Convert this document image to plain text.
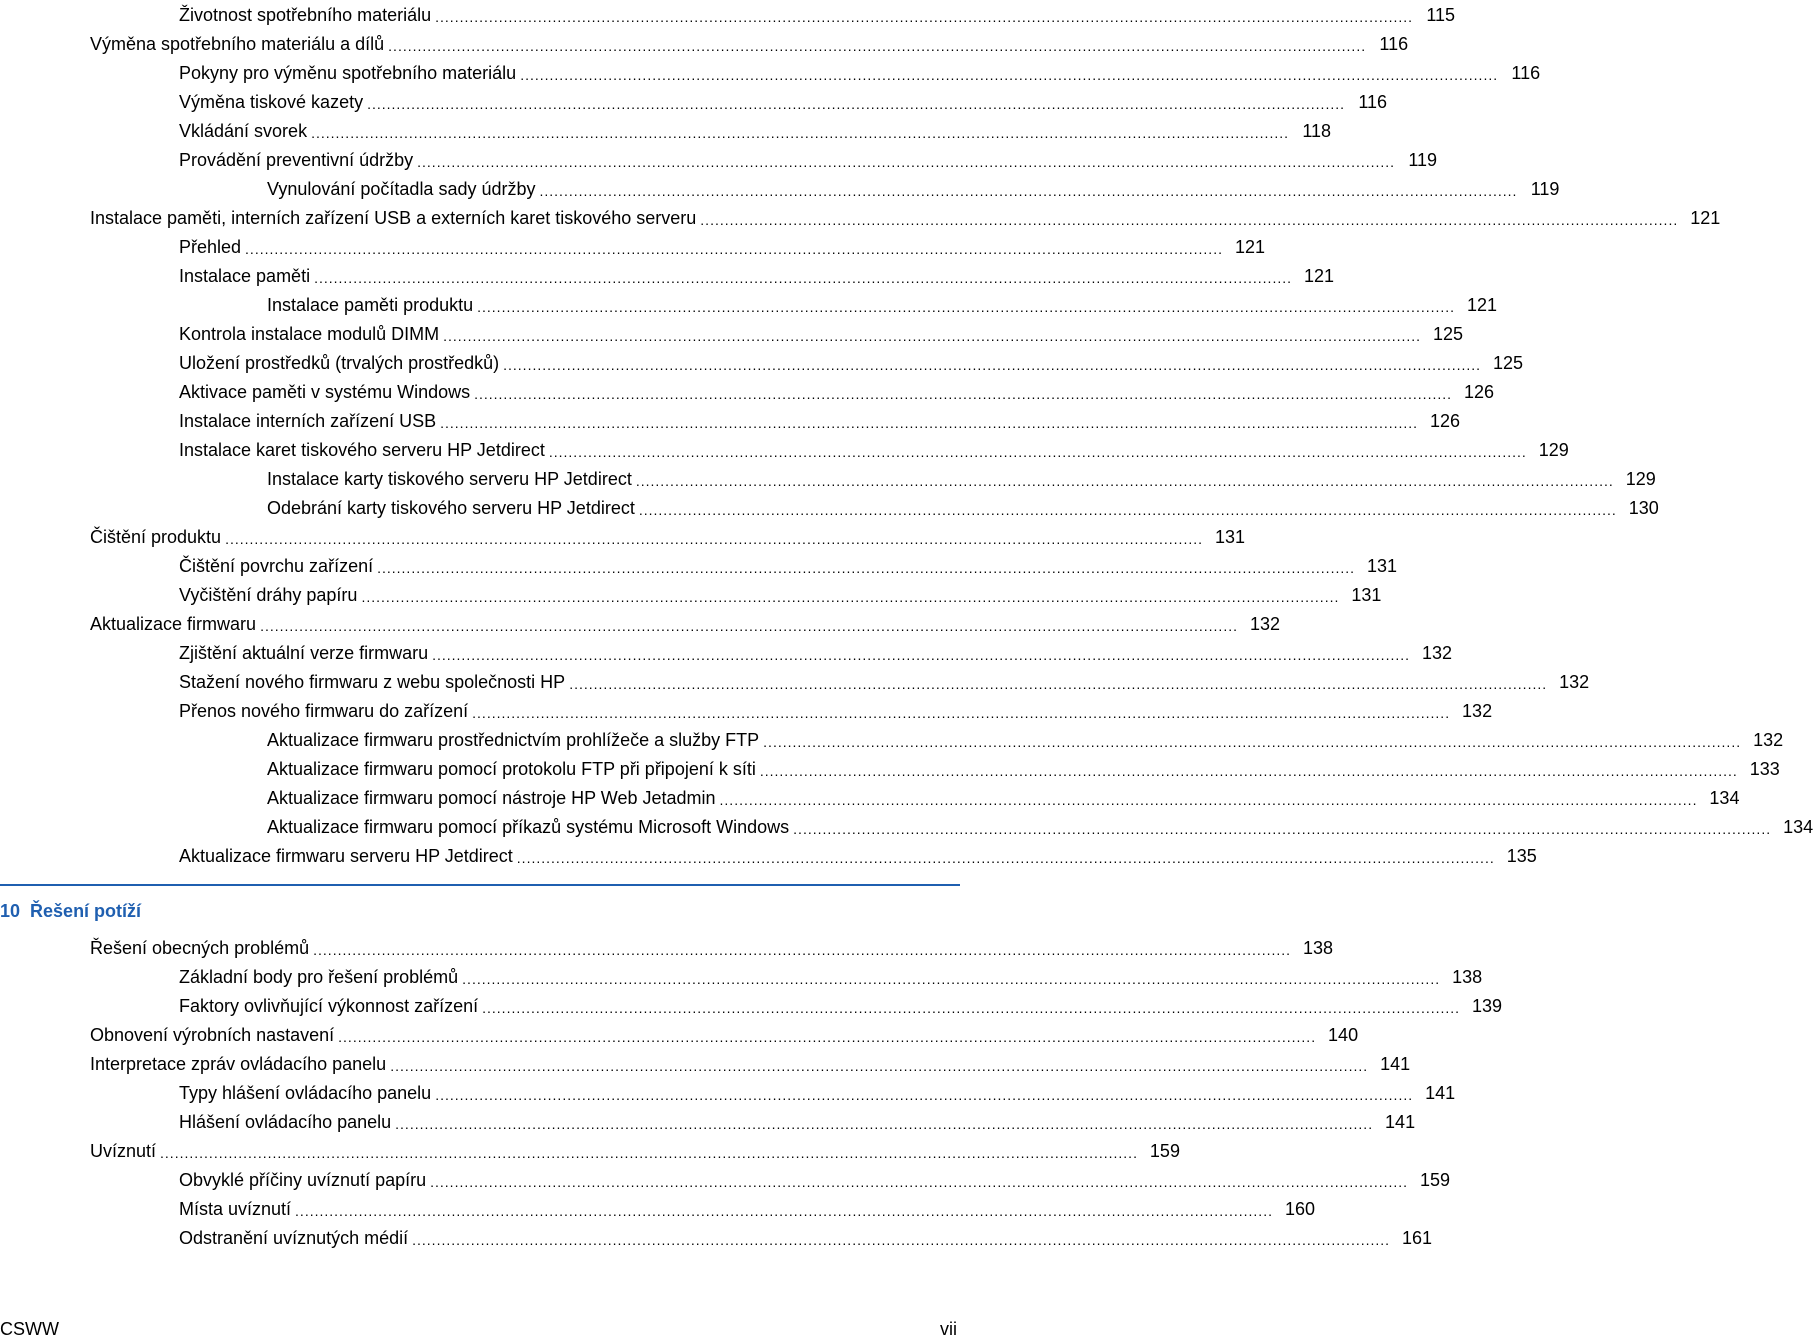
Životnost spotřebního materiálu ........................................................................................................................................................................................................ 115
Výměna spotřebního materiálu a dílů ........................................................................................................................................................................................................ 116
Pokyny pro výměnu spotřebního materiálu ........................................................................................................................................................................................................ 116
Výměna tiskové kazety ........................................................................................................................................................................................................ 116
Vkládání svorek ........................................................................................................................................................................................................ 118
Provádění preventivní údržby ........................................................................................................................................................................................................ 119
Vynulování počítadla sady údržby ........................................................................................................................................................................................................ 119
Instalace paměti, interních zařízení USB a externích karet tiskového serveru ........................................................................................................................................................................................................ 121
Přehled ........................................................................................................................................................................................................ 121
Instalace paměti ........................................................................................................................................................................................................ 121
Instalace paměti produktu ........................................................................................................................................................................................................ 121
Kontrola instalace modulů DIMM ........................................................................................................................................................................................................ 125
Uložení prostředků (trvalých prostředků) ........................................................................................................................................................................................................ 125
Aktivace paměti v systému Windows ........................................................................................................................................................................................................ 126
Instalace interních zařízení USB ........................................................................................................................................................................................................ 126
Instalace karet tiskového serveru HP Jetdirect ........................................................................................................................................................................................................ 129
Instalace karty tiskového serveru HP Jetdirect ........................................................................................................................................................................................................ 129
Odebrání karty tiskového serveru HP Jetdirect ........................................................................................................................................................................................................ 130
Čištění produktu ........................................................................................................................................................................................................ 131
Čištění povrchu zařízení ........................................................................................................................................................................................................ 131
Vyčištění dráhy papíru ........................................................................................................................................................................................................ 131
Aktualizace firmwaru ........................................................................................................................................................................................................ 132
Zjištění aktuální verze firmwaru ........................................................................................................................................................................................................ 132
Stažení nového firmwaru z webu společnosti HP ........................................................................................................................................................................................................ 132
Přenos nového firmwaru do zařízení ........................................................................................................................................................................................................ 132
Aktualizace firmwaru prostřednictvím prohlížeče a služby FTP ........................................................................................................................................................................................................ 132
Aktualizace firmwaru pomocí protokolu FTP při připojení k síti ........................................................................................................................................................................................................ 133
Aktualizace firmwaru pomocí nástroje HP Web Jetadmin ........................................................................................................................................................................................................ 134
Aktualizace firmwaru pomocí příkazů systému Microsoft Windows ........................................................................................................................................................................................................ 134
Aktualizace firmwaru serveru HP Jetdirect ........................................................................................................................................................................................................ 135
10 Řešení potíží
Řešení obecných problémů ........................................................................................................................................................................................................ 138
Základní body pro řešení problémů ........................................................................................................................................................................................................ 138
Faktory ovlivňující výkonnost zařízení ........................................................................................................................................................................................................ 139
Obnovení výrobních nastavení ........................................................................................................................................................................................................ 140
Interpretace zpráv ovládacího panelu ........................................................................................................................................................................................................ 141
Typy hlášení ovládacího panelu ........................................................................................................................................................................................................ 141
Hlášení ovládacího panelu ........................................................................................................................................................................................................ 141
Uvíznutí ........................................................................................................................................................................................................ 159
Obvyklé příčiny uvíznutí papíru ........................................................................................................................................................................................................ 159
Místa uvíznutí ........................................................................................................................................................................................................ 160
Odstranění uvíznutých médií ........................................................................................................................................................................................................ 161
CSWW	vii
